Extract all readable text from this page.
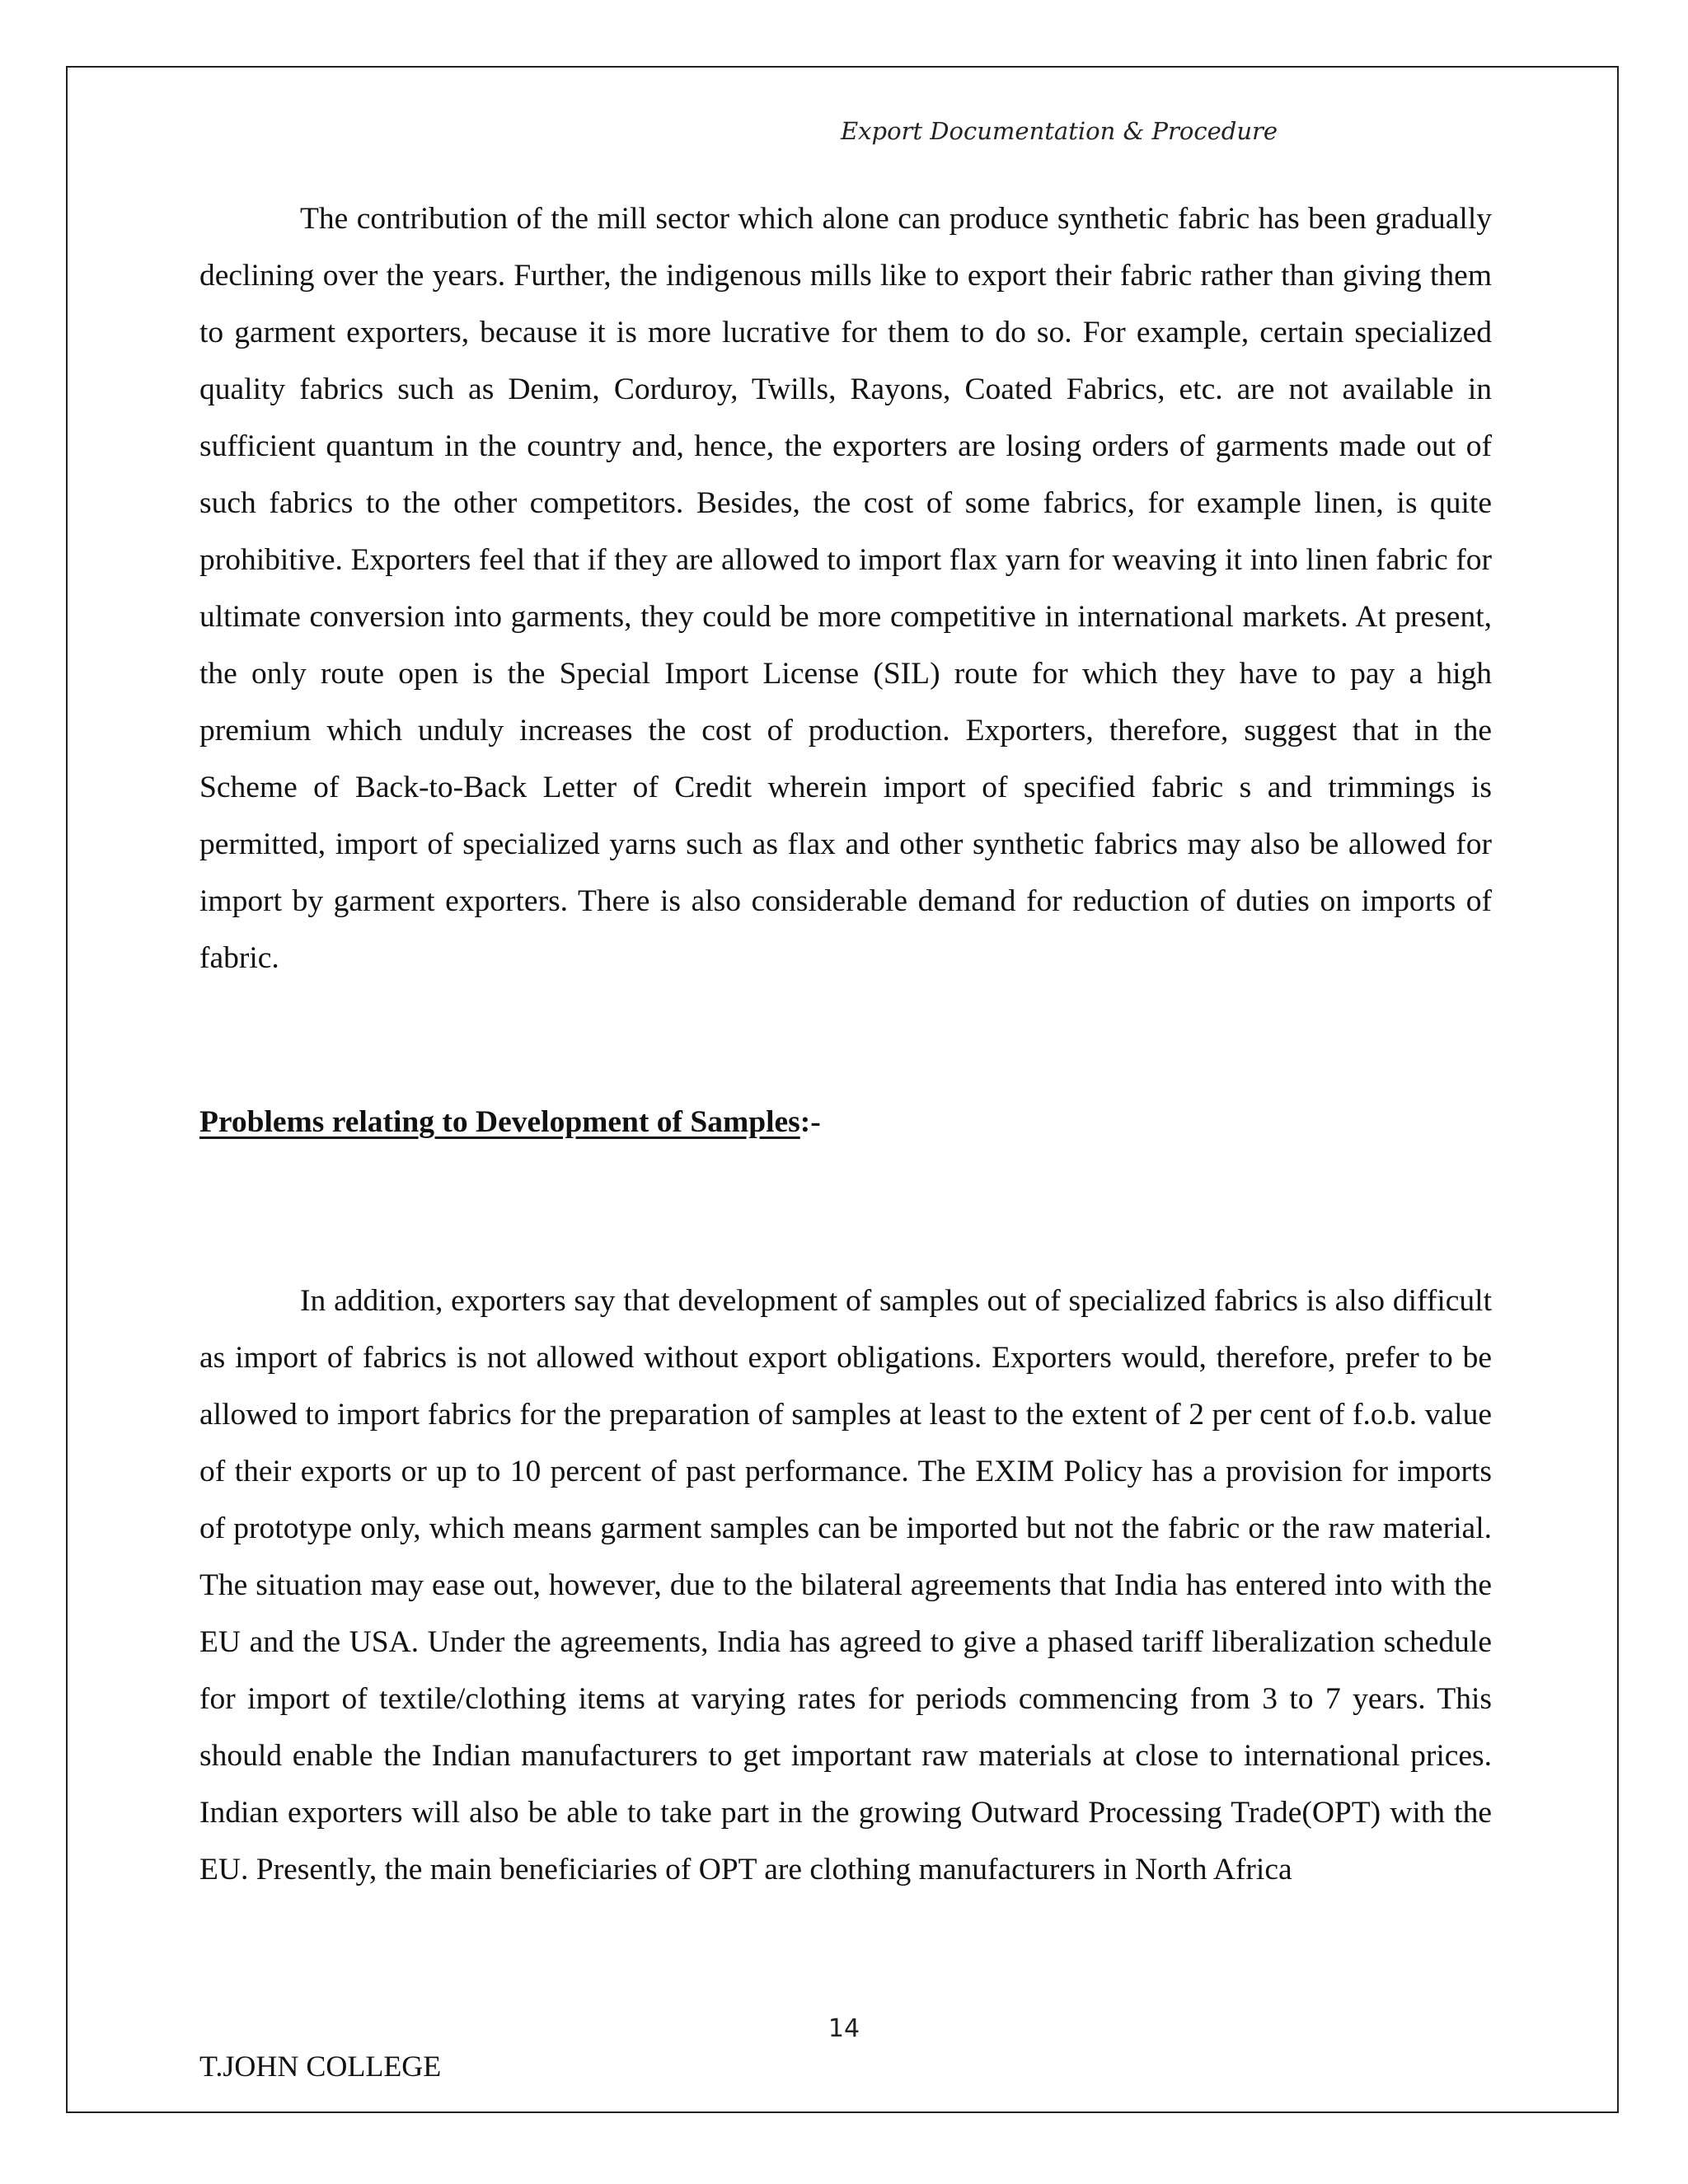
Export Documentation & Procedure

The contribution of the mill sector which alone can produce synthetic fabric has been gradually declining over the years. Further, the indigenous mills like to export their fabric rather than giving them to garment exporters, because it is more lucrative for them to do so. For example, certain specialized quality fabrics such as Denim, Corduroy, Twills, Rayons, Coated Fabrics, etc. are not available in sufficient quantum in the country and, hence, the exporters are losing orders of garments made out of such fabrics to the other competitors. Besides, the cost of some fabrics, for example linen, is quite prohibitive. Exporters feel that if they are allowed to import flax yarn for weaving it into linen fabric for ultimate conversion into garments, they could be more competitive in international markets. At present, the only route open is the Special Import License (SIL) route for which they have to pay a high premium which unduly increases the cost of production. Exporters, therefore, suggest that in the Scheme of Back-to-Back Letter of Credit wherein import of specified fabric s and trimmings is permitted, import of specialized yarns such as flax and other synthetic fabrics may also be allowed for import by garment exporters. There is also considerable demand for reduction of duties on imports of fabric.

Problems relating to Development of Samples:-

In addition, exporters say that development of samples out of specialized fabrics is also difficult as import of fabrics is not allowed without export obligations. Exporters would, therefore, prefer to be allowed to import fabrics for the preparation of samples at least to the extent of 2 per cent of f.o.b. value of their exports or up to 10 percent of past performance. The EXIM Policy has a provision for imports of prototype only, which means garment samples can be imported but not the fabric or the raw material. The situation may ease out, however, due to the bilateral agreements that India has entered into with the EU and the USA. Under the agreements, India has agreed to give a phased tariff liberalization schedule for import of textile/clothing items at varying rates for periods commencing from 3 to 7 years. This should enable the Indian manufacturers to get important raw materials at close to international prices. Indian exporters will also be able to take part in the growing Outward Processing Trade(OPT) with the EU. Presently, the main beneficiaries of OPT are clothing manufacturers in North Africa

14
T.JOHN COLLEGE
